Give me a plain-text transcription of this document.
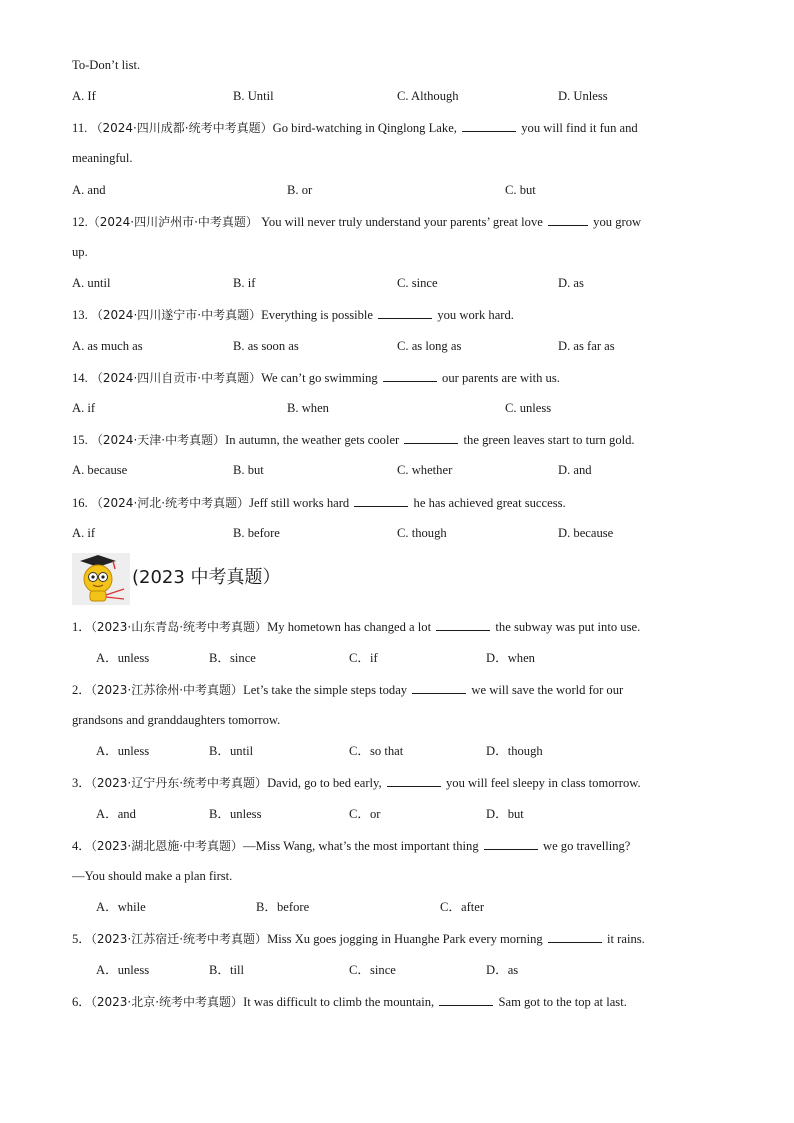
To-Don’t list.
A. If	B. Until	C. Although	D. Unless
11. （2024·四川成都·统考中考真题）Go bird-watching in Qinglong Lake,	you will find it fun and
meaningful.
A. and	B. or	C. but
12.（2024·四川泸州市·中考真题） You will never truly understand your parents’ great love	you grow
up.
A. until	B. if	C. since	D. as
13. （2024·四川遂宁市·中考真题）Everything is possible	you work hard.
A. as much as	B. as soon as	C. as long as	D. as far as
14. （2024·四川自贡市·中考真题）We can’t go swimming	our parents are with us.
A. if	B. when	C. unless
15. （2024·天津·中考真题）In autumn, the weather gets cooler	the green leaves start to turn gold.
A. because	B. but	C. whether	D. and
16. （2024·河北·统考中考真题）Jeff still works hard	he has achieved great success.
A. if	B. before	C. though	D. because
(2023 中考真题）
1．（2023·山东青岛·统考中考真题）My hometown has changed a lot	the subway was put into use.
A．unless	B．since	C．if	D．when
2．（2023·江苏徐州·中考真题）Let’s take the simple steps today	we will save the world for our
grandsons and granddaughters tomorrow.
A．unless	B．until	C．so that	D．though
3．（2023·辽宁丹东·统考中考真题）David, go to bed early,	you will feel sleepy in class tomorrow.
A．and	B．unless	C．or	D．but
4．（2023·湖北恩施·中考真题）—Miss Wang, what’s the most important thing	we go travelling?
—You should make a plan first.
A．while	B．before	C．after
5．（2023·江苏宿迁·统考中考真题）Miss Xu goes jogging in Huanghe Park every morning	it rains.
A．unless	B．till	C．since	D．as
6．（2023·北京·统考中考真题）It was difficult to climb the mountain,	Sam got to the top at last.
